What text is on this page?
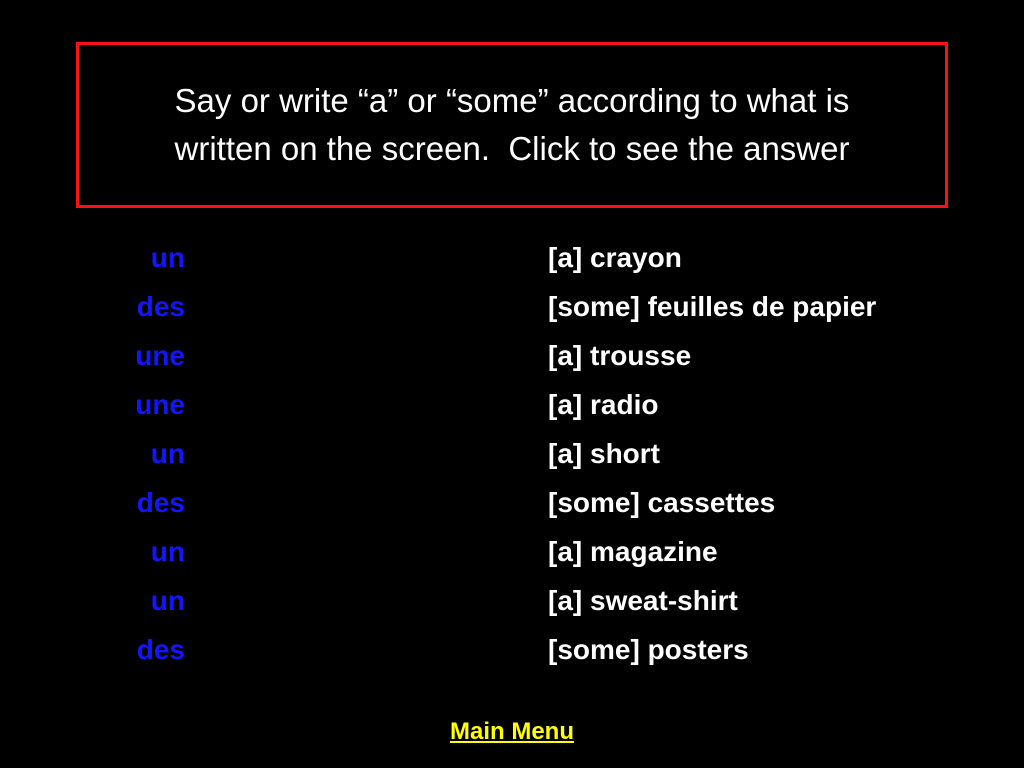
Say or write “a” or “some” according to what is
written on the screen.  Click to see the answer
un	[a] crayon
des	[some] feuilles de papier
une	[a] trousse
une	[a] radio
un	[a] short
des	[some] cassettes
un	[a] magazine
un	[a] sweat-shirt
des	[some] posters
Main Menu
